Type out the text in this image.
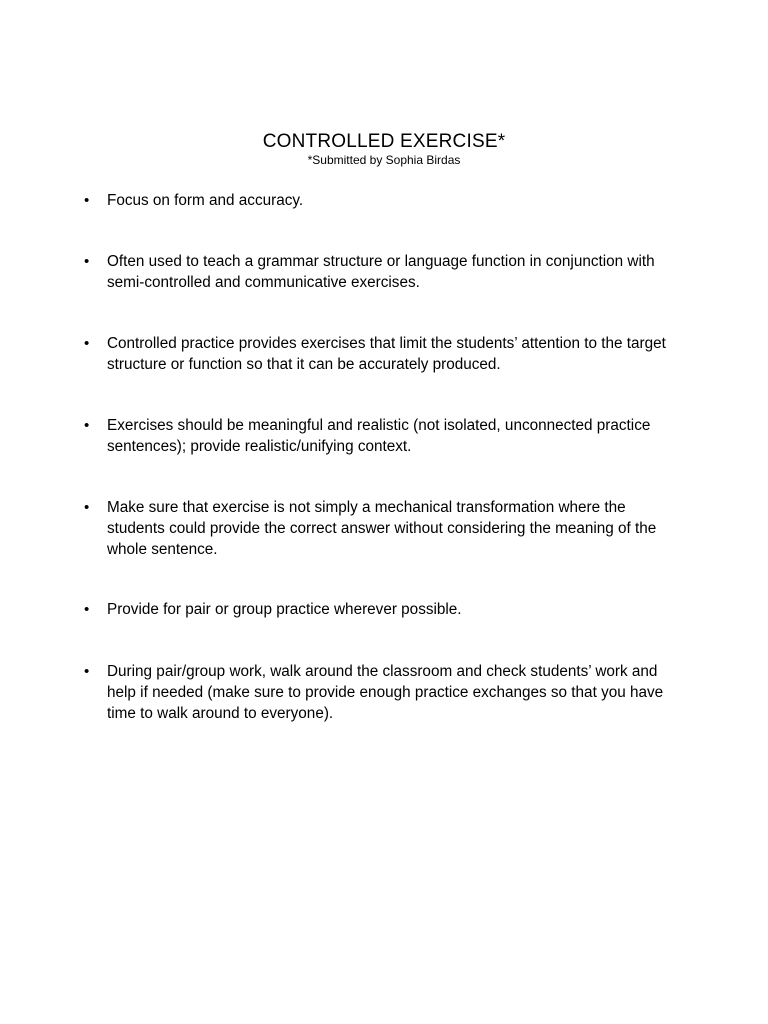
CONTROLLED EXERCISE*
*Submitted by Sophia Birdas
•	Focus on form and accuracy.
•	Often used to teach a grammar structure or language function in conjunction with semi-controlled and communicative exercises.
•	Controlled practice provides exercises that limit the students’ attention to the target structure or function so that it can be accurately produced.
•	Exercises should be meaningful and realistic (not isolated, unconnected practice sentences); provide realistic/unifying context.
•	Make sure that exercise is not simply a mechanical transformation where the students could provide the correct answer without considering the meaning of the whole sentence.
•	Provide for pair or group practice wherever possible.
•	During pair/group work, walk around the classroom and check students’ work and help if needed (make sure to provide enough practice exchanges so that you have time to walk around to everyone).
